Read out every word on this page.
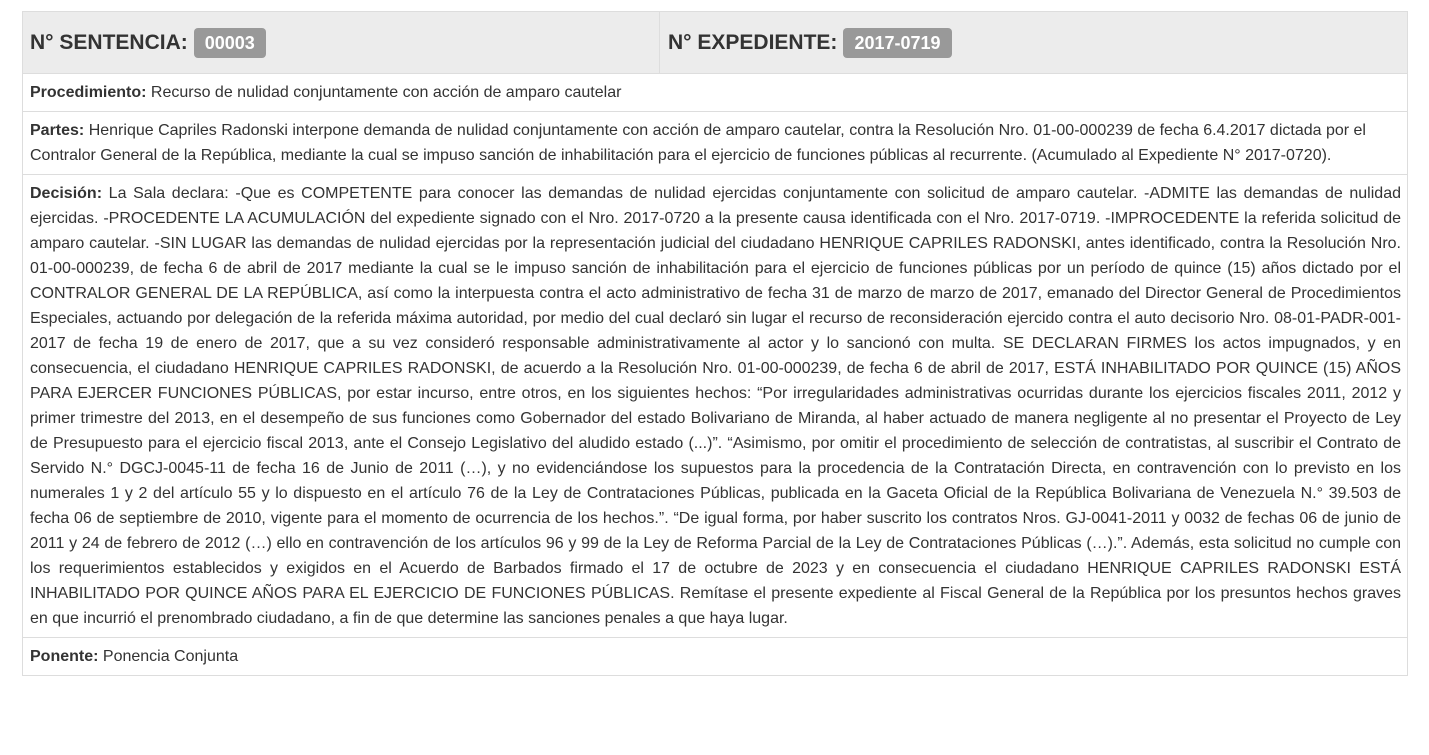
N° SENTENCIA: 00003	N° EXPEDIENTE: 2017-0719
Procedimiento: Recurso de nulidad conjuntamente con acción de amparo cautelar
Partes: Henrique Capriles Radonski interpone demanda de nulidad conjuntamente con acción de amparo cautelar, contra la Resolución Nro. 01-00-000239 de fecha 6.4.2017 dictada por el Contralor General de la República, mediante la cual se impuso sanción de inhabilitación para el ejercicio de funciones públicas al recurrente. (Acumulado al Expediente N° 2017-0720).
Decisión: La Sala declara: -Que es COMPETENTE para conocer las demandas de nulidad ejercidas conjuntamente con solicitud de amparo cautelar. -ADMITE las demandas de nulidad ejercidas. -PROCEDENTE LA ACUMULACIÓN del expediente signado con el Nro. 2017-0720 a la presente causa identificada con el Nro. 2017-0719. -IMPROCEDENTE la referida solicitud de amparo cautelar. -SIN LUGAR las demandas de nulidad ejercidas por la representación judicial del ciudadano HENRIQUE CAPRILES RADONSKI, antes identificado, contra la Resolución Nro. 01-00-000239, de fecha 6 de abril de 2017 mediante la cual se le impuso sanción de inhabilitación para el ejercicio de funciones públicas por un período de quince (15) años dictado por el CONTRALOR GENERAL DE LA REPÚBLICA, así como la interpuesta contra el acto administrativo de fecha 31 de marzo de marzo de 2017, emanado del Director General de Procedimientos Especiales, actuando por delegación de la referida máxima autoridad, por medio del cual declaró sin lugar el recurso de reconsideración ejercido contra el auto decisorio Nro. 08-01-PADR-001-2017 de fecha 19 de enero de 2017, que a su vez consideró responsable administrativamente al actor y lo sancionó con multa. SE DECLARAN FIRMES los actos impugnados, y en consecuencia, el ciudadano HENRIQUE CAPRILES RADONSKI, de acuerdo a la Resolución Nro. 01-00-000239, de fecha 6 de abril de 2017, ESTÁ INHABILITADO POR QUINCE (15) AÑOS PARA EJERCER FUNCIONES PÚBLICAS, por estar incurso, entre otros, en los siguientes hechos: “Por irregularidades administrativas ocurridas durante los ejercicios fiscales 2011, 2012 y primer trimestre del 2013, en el desempeño de sus funciones como Gobernador del estado Bolivariano de Miranda, al haber actuado de manera negligente al no presentar el Proyecto de Ley de Presupuesto para el ejercicio fiscal 2013, ante el Consejo Legislativo del aludido estado (...)”. “Asimismo, por omitir el procedimiento de selección de contratistas, al suscribir el Contrato de Servido N.° DGCJ-0045-11 de fecha 16 de Junio de 2011 (…), y no evidenciándose los supuestos para la procedencia de la Contratación Directa, en contravención con lo previsto en los numerales 1 y 2 del artículo 55 y lo dispuesto en el artículo 76 de la Ley de Contrataciones Públicas, publicada en la Gaceta Oficial de la República Bolivariana de Venezuela N.° 39.503 de fecha 06 de septiembre de 2010, vigente para el momento de ocurrencia de los hechos.”. “De igual forma, por haber suscrito los contratos Nros. GJ-0041-2011 y 0032 de fechas 06 de junio de 2011 y 24 de febrero de 2012 (…) ello en contravención de los artículos 96 y 99 de la Ley de Reforma Parcial de la Ley de Contrataciones Públicas (…).”. Además, esta solicitud no cumple con los requerimientos establecidos y exigidos en el Acuerdo de Barbados firmado el 17 de octubre de 2023 y en consecuencia el ciudadano HENRIQUE CAPRILES RADONSKI ESTÁ INHABILITADO POR QUINCE AÑOS PARA EL EJERCICIO DE FUNCIONES PÚBLICAS. Remítase el presente expediente al Fiscal General de la República por los presuntos hechos graves en que incurrió el prenombrado ciudadano, a fin de que determine las sanciones penales a que haya lugar.
Ponente: Ponencia Conjunta
